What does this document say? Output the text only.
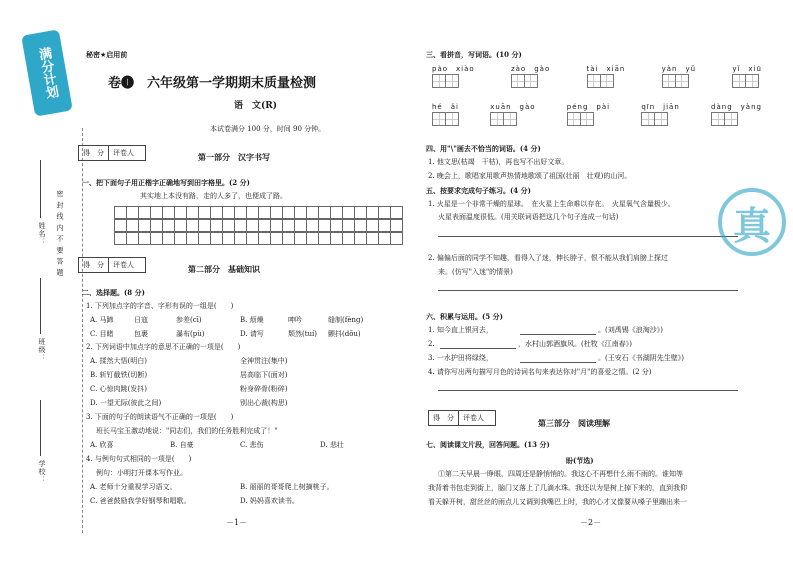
满分计划
密 封 线 内 不 要 答 题
姓名：
班级：
学校：
秘密★启用前
卷❶　六年级第一学期期末质量检测
语　文(R)
本试卷满分 100 分，时间 90 分钟。
得　分	评卷人	第一部分　汉字书写
一、把下面句子用正楷字正确地写到田字格里。(2 分)
其实地上本没有路，走的人多了，也便成了路。
得　分	评卷人	第二部分　基础知识
二、选择题。(8 分)
1. 下列加点字的字音、字形有误的一组是(　　)
A. 马蹄	日寇	参差(cī)	B. 烦燥	呻吟	缝制(fèng)
C. 目睹	包裹	瀑布(pù)	D. 请写	颓然(tuí) 颤抖(dǒu)
2. 下列词语中加点字的意思不正确的一项是(　　)
A. 揉然大悟(明白)	全神贯注(集中)
B. 斩钉截铁(切断)	居高临下(面对)
C. 心惊肉跳(发抖)	粉身碎骨(粉碎)
D. 一望无际(彼此之间)	别出心裁(构思)
3. 下面的句子的朗读语气不正确的一项是(　　)
班长马宝玉激动地说："同志们，我们的任务胜利完成了！"
A. 欣喜	B. 自豪	C. 悲伤	D. 悲壮
4. 与例句句式相同的一项是(　　)
例句：小明打开课本写作业。
A. 老师十分重视学习语文。	B. 丽丽的哥哥爬上树摘桃子。
C. 爸爸鼓励我学好钢琴和唱歌。	D. 妈妈喜欢读书。
－1－
三、看拼音，写词语。(10 分)
pào　xiào	zào　gào	tài　xiān	yàn　yǔ	yǐ　xiū
hé　ǎi	xuān　gào	péng　pài	qīn　jiān	dàng　yàng
四、用"\"画去不恰当的词语。(4 分)
1. 他文思(枯竭　干枯)，再也写不出好文章。
2. 晚会上，歌唱家用歌声热情地歌颂了祖国(壮丽　壮观)的山河。
五、按要求完成句子练习。(4 分)
1. 火星是一个非常干燥的星球。　在火星上生命难以存在。　火星氧气含量极少。
火星表面温度很低。(用关联词语把这几个句子连成一句话)
2. 偏偏后面的同学不知趣，看得入了迷，伸长脖子，恨不能从我们肩膀上探过
来。(仿写"入迷"的情景)
六、积累与运用。(5 分)
1. 知今直上银河去，	。(刘禹锡《浪淘沙》)
2.	，水村山郭酒旗风。(杜牧《江南春》)
3. 一水护田将绿绕，	。(王安石《书湖阴先生壁》)
4. 请你写出两句描写月色的诗词名句来表达你对"月"的喜爱之情。(2 分)
得　分	评卷人	第三部分　阅读理解
七、阅读课文片段，回答问题。(13 分)
盼(节选)
①第二天早晨一睁眼，四周还是静悄悄的。我这心不再想什么雨不雨的。谁知等
我背着书包走到街上，脑门又落上了几滴水珠。我还以为是树上掉下来的，直到我仰
看天躲开树，甜丝丝的雨点儿又调到我嘴巴上时，我的心才又像要从嗓子里蹦出来一
－2－
真
